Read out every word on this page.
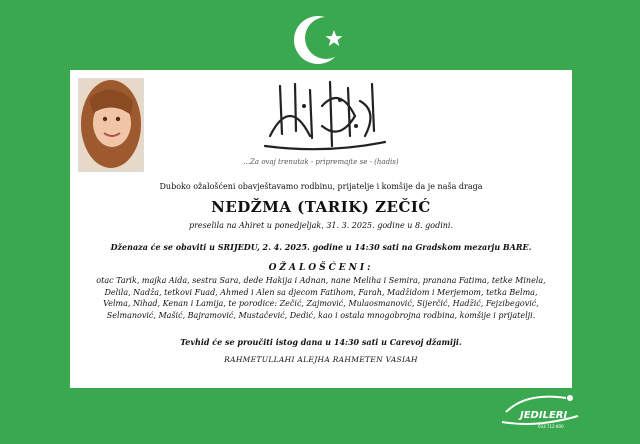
...Za ovaj trenutak - pripremajte se - (hadis)
Duboko ožalošćeni obavještavamo rodbinu, prijatelje i komšije da je naša draga
NEDŽMA (TARIK) ZEČIĆ
preselila na Ahiret u ponedjeljak, 31. 3. 2025. godine u 8. godini.
Dženaza će se obaviti u SRIJEDU, 2. 4. 2025. godine u 14:30 sati na Gradskom mezarju BARE.
OŽALOŠĆENI:
otac Tarik, majka Aida, sestra Sara, dede Hakija i Adnan, nane Meliha i Semira, pranana Fatima, tetke Minela, Delila, Nadža, tetkovi Fuad, Ahmed i Alen sa djecom Fatihom, Farah, Madžidom i Merjemom, tetka Belma, Velma, Nihad, Kenan i Lamija, te porodice: Zečić, Zajmović, Mulaosmanović, Sijerčić, Hadžić, Fejzibegović, Selmanović, Mašić, Bajramović, Mustačević, Dedić, kao i ostala mnogobrojna rodbina, komšije i prijatelji.
Tevhid će se proučiti istog dana u 14:30 sati u Carevoj džamiji.
RAHMETULLAHI ALEJHA RAHMETEN VASIAH
JEDILERI
033 712-800
